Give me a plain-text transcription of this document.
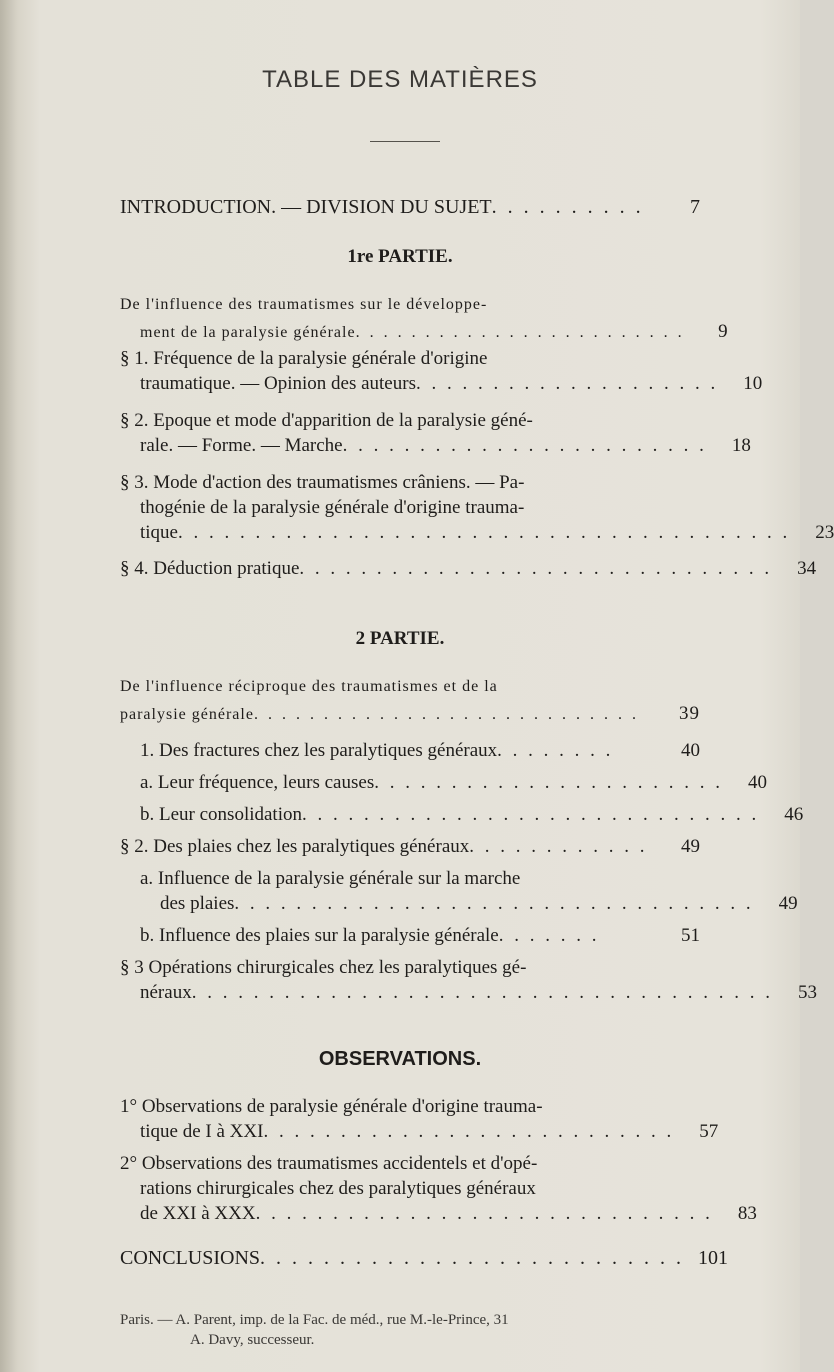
TABLE DES MATIÈRES
INTRODUCTION. — DIVISION DU SUJET . . . . . . . . . .	7
1re PARTIE.
De l'influence des traumatismes sur le développe-
ment de la paralysie générale . . . . . . . . . . . . . . . . . . . . . . . .	9
§ 1. Fréquence de la paralysie générale d'origine
traumatique. — Opinion des auteurs . . . . . . . . . . . . . . . . . . . .	10
§ 2. Epoque et mode d'apparition de la paralysie géné-
rale. — Forme. — Marche . . . . . . . . . . . . . . . . . . . . . . . .	18
§ 3. Mode d'action des traumatismes crâniens. — Pa-
thogénie de la paralysie générale d'origine trauma-
tique . . . . . . . . . . . . . . . . . . . . . . . . . . . . . . . . . . . . . . . .	23
§ 4. Déduction pratique . . . . . . . . . . . . . . . . . . . . . . . . . . . . . . .	34
2 PARTIE.
De l'influence réciproque des traumatismes et de la
paralysie générale . . . . . . . . . . . . . . . . . . . . . . . . . . . .	39
1. Des fractures chez les paralytiques généraux . . . . . . . .	40
a. Leur fréquence, leurs causes . . . . . . . . . . . . . . . . . . . . . . .	40
b. Leur consolidation . . . . . . . . . . . . . . . . . . . . . . . . . . . . . .	46
§ 2. Des plaies chez les paralytiques généraux . . . . . . . . . . . .	49
a. Influence de la paralysie générale sur la marche
des plaies . . . . . . . . . . . . . . . . . . . . . . . . . . . . . . . . . .	49
b. Influence des plaies sur la paralysie générale . . . . . . .	51
§ 3 Opérations chirurgicales chez les paralytiques gé-
néraux . . . . . . . . . . . . . . . . . . . . . . . . . . . . . . . . . . . . . .	53
OBSERVATIONS.
1° Observations de paralysie générale d'origine trauma-
tique de I à XXI . . . . . . . . . . . . . . . . . . . . . . . . . . .	57
2° Observations des traumatismes accidentels et d'opé-
rations chirurgicales chez des paralytiques généraux
de XXI à XXX . . . . . . . . . . . . . . . . . . . . . . . . . . . . . .	83
CONCLUSIONS . . . . . . . . . . . . . . . . . . . . . . . . . . . 101
Paris. — A. Parent, imp. de la Fac. de méd., rue M.-le-Prince, 31
A. Davy, successeur.
